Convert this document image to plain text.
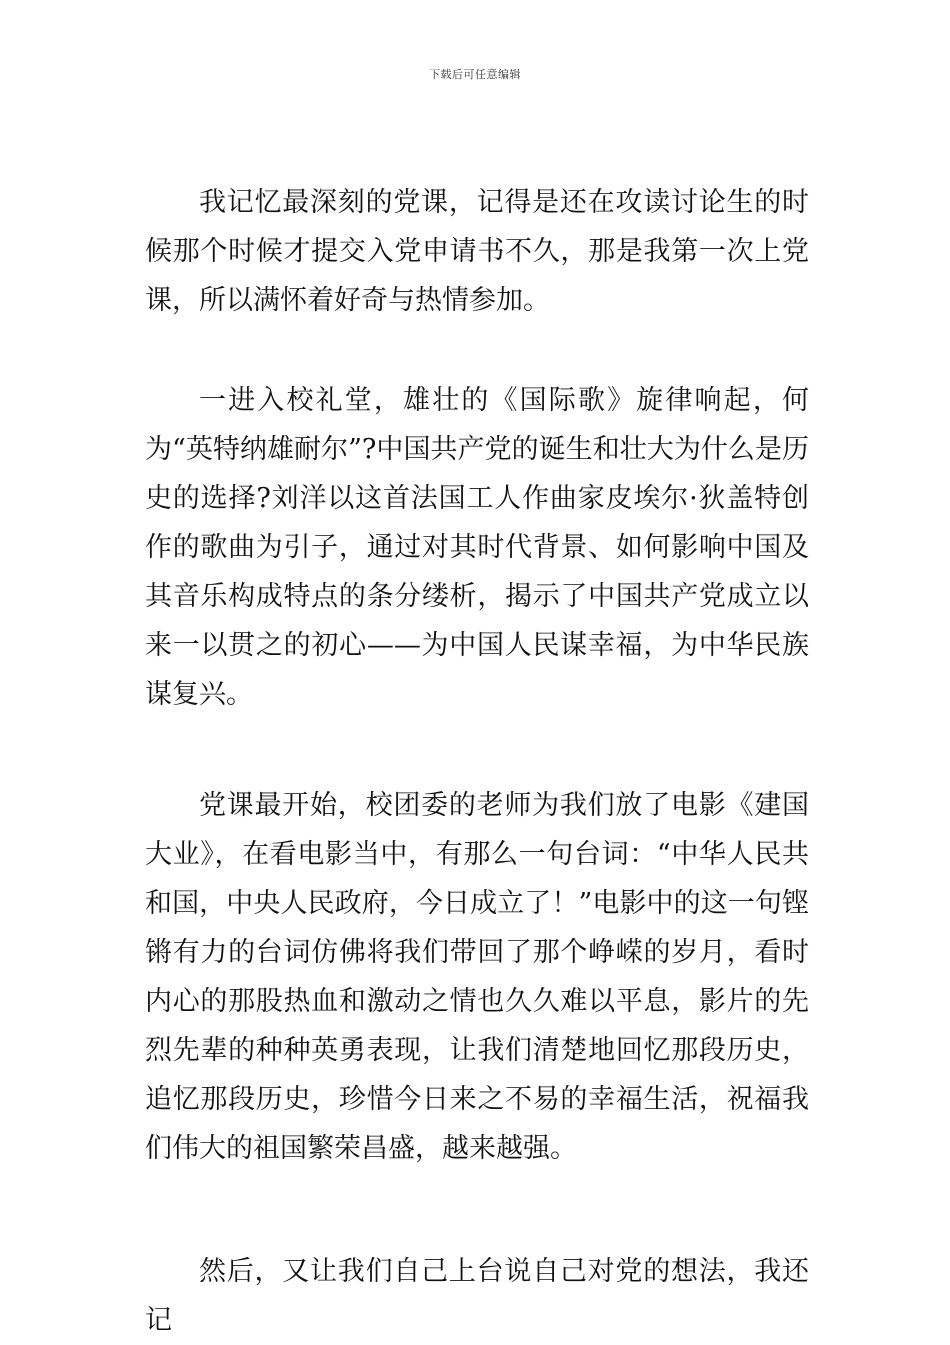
下载后可任意编辑

我记忆最深刻的党课，记得是还在攻读讨论生的时候那个时候才提交入党申请书不久，那是我第一次上党课，所以满怀着好奇与热情参加。

一进入校礼堂，雄壮的《国际歌》旋律响起，何为“英特纳雄耐尔”?中国共产党的诞生和壮大为什么是历史的选择?刘洋以这首法国工人作曲家皮埃尔·狄盖特创作的歌曲为引子，通过对其时代背景、如何影响中国及其音乐构成特点的条分缕析，揭示了中国共产党成立以来一以贯之的初心——为中国人民谋幸福，为中华民族谋复兴。

党课最开始，校团委的老师为我们放了电影《建国大业》，在看电影当中，有那么一句台词：“中华人民共和国，中央人民政府，今日成立了！”电影中的这一句铿锵有力的台词仿佛将我们带回了那个峥嵘的岁月，看时内心的那股热血和激动之情也久久难以平息，影片的先烈先辈的种种英勇表现，让我们清楚地回忆那段历史，追忆那段历史，珍惜今日来之不易的幸福生活，祝福我们伟大的祖国繁荣昌盛，越来越强。

然后，又让我们自己上台说自己对党的想法，我还记
